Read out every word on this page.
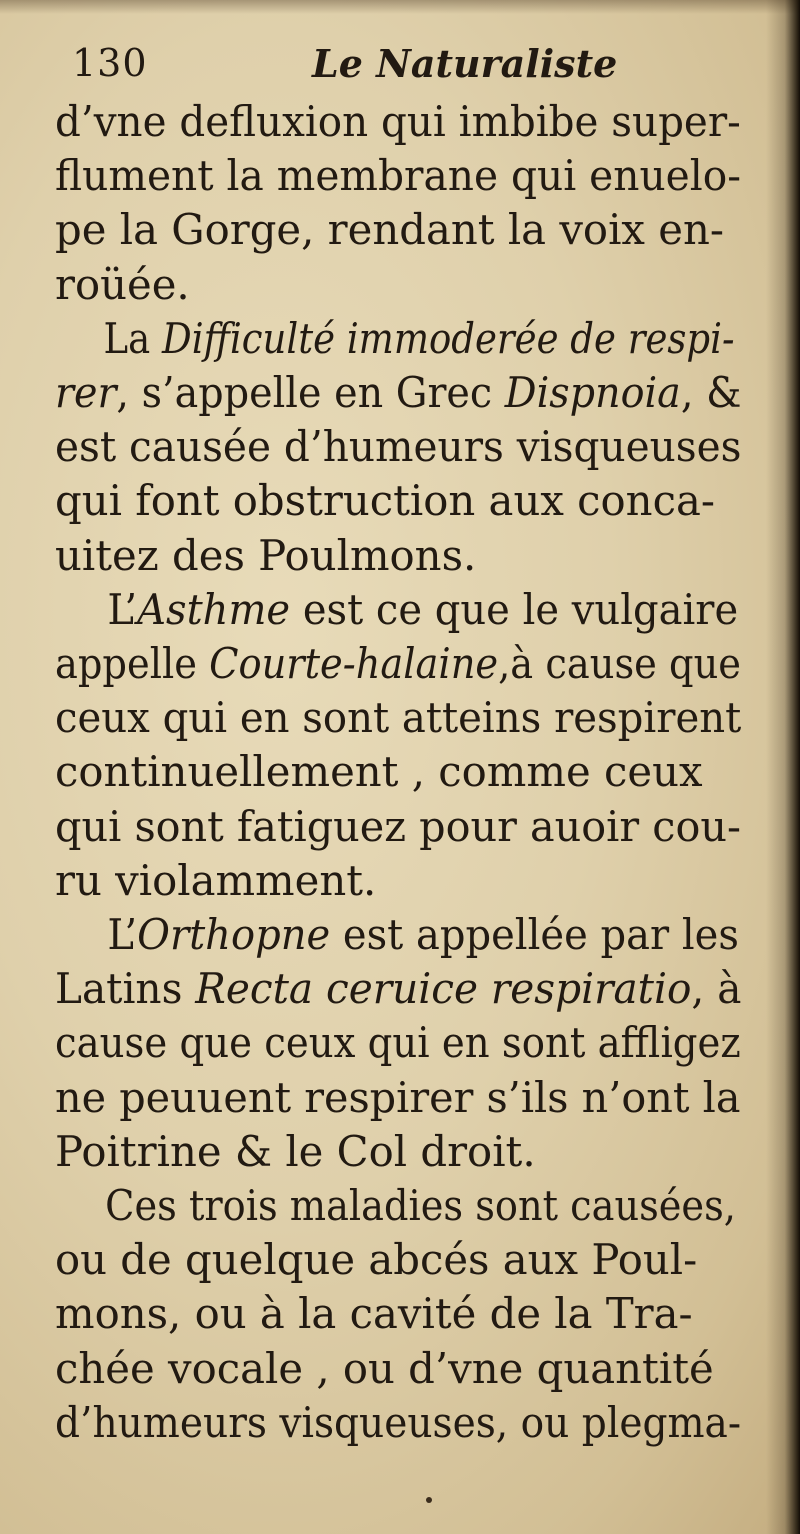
130	Le Naturaliste
d’vne defluxion qui imbibe super-
flument la membrane qui enuelo-
pe la Gorge, rendant la voix en-
roüée.
La Difficulté immoderée de respi-
rer, s’appelle en Grec Dispnoia, &
est causée d’humeurs visqueuses
qui font obstruction aux conca-
uitez des Poulmons.
L’Asthme est ce que le vulgaire
appelle Courte-halaine,à cause que
ceux qui en sont atteins respirent
continuellement , comme ceux
qui sont fatiguez pour auoir cou-
ru violamment.
L’Orthopne est appellée par les
Latins Recta ceruice respiratio, à
cause que ceux qui en sont affligez
ne peuuent respirer s’ils n’ont la
Poitrine & le Col droit.
Ces trois maladies sont causées,
ou de quelque abcés aux Poul-
mons, ou à la cavité de la Tra-
chée vocale , ou d’vne quantité
d’humeurs visqueuses, ou plegma-
